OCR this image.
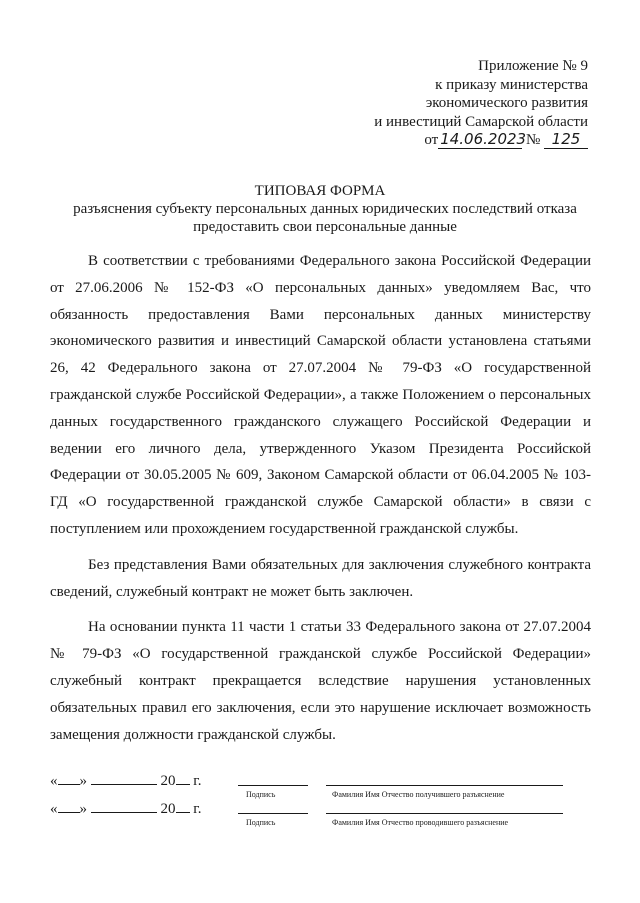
Приложение № 9
к приказу министерства
экономического развития
и инвестиций Самарской области
от 14.06.2023 № 125
ТИПОВАЯ ФОРМА
разъяснения субъекту персональных данных юридических последствий отказа предоставить свои персональные данные

В соответствии с требованиями Федерального закона Российской Федерации от 27.06.2006 № 152-ФЗ «О персональных данных» уведомляем Вас, что обязанность предоставления Вами персональных данных министерству экономического развития и инвестиций Самарской области установлена статьями 26, 42 Федерального закона от 27.07.2004 № 79-ФЗ «О государственной гражданской службе Российской Федерации», а также Положением о персональных данных государственного гражданского служащего Российской Федерации и ведении его личного дела, утвержденного Указом Президента Российской Федерации от 30.05.2005 № 609, Законом Самарской области от 06.04.2005 № 103-ГД «О государственной гражданской службе Самарской области» в связи с поступлением или прохождением государственной гражданской службы.

Без представления Вами обязательных для заключения служебного контракта сведений, служебный контракт не может быть заключен.

На основании пункта 11 части 1 статьи 33 Федерального закона от 27.07.2004 № 79-ФЗ «О государственной гражданской службе Российской Федерации» служебный контракт прекращается вследствие нарушения установленных обязательных правил его заключения, если это нарушение исключает возможность замещения должности гражданской службы.

« »	20 г.
Подпись	Фамилия Имя Отчество получившего разъяснение
« »	20 г.
Подпись	Фамилия Имя Отчество проводившего разъяснение
